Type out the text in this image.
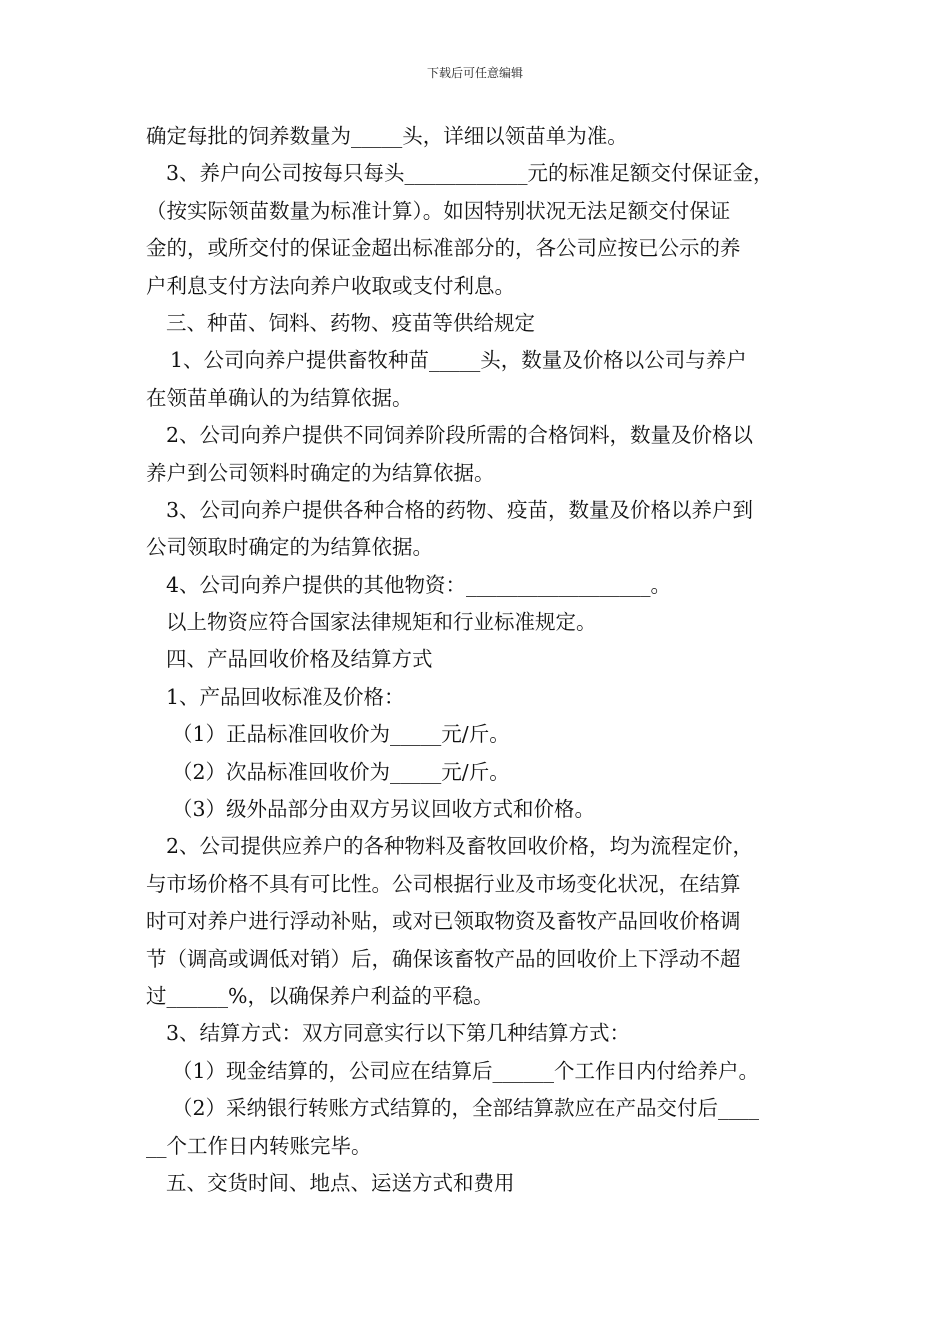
下载后可任意编辑
确定每批的饲养数量为_____头，详细以领苗单为准。
3、养户向公司按每只每头____________元的标准足额交付保证金，
（按实际领苗数量为标准计算）。如因特别状况无法足额交付保证
金的，或所交付的保证金超出标准部分的，各公司应按已公示的养
户利息支付方法向养户收取或支付利息。
三、种苗、饲料、药物、疫苗等供给规定
1、公司向养户提供畜牧种苗_____头，数量及价格以公司与养户
在领苗单确认的为结算依据。
2、公司向养户提供不同饲养阶段所需的合格饲料，数量及价格以
养户到公司领料时确定的为结算依据。
3、公司向养户提供各种合格的药物、疫苗，数量及价格以养户到
公司领取时确定的为结算依据。
4、公司向养户提供的其他物资：__________________。
以上物资应符合国家法律规矩和行业标准规定。
四、产品回收价格及结算方式
1、产品回收标准及价格：
（1）正品标准回收价为_____元/斤。
（2）次品标准回收价为_____元/斤。
（3）级外品部分由双方另议回收方式和价格。
2、公司提供应养户的各种物料及畜牧回收价格，均为流程定价，
与市场价格不具有可比性。公司根据行业及市场变化状况，在结算
时可对养户进行浮动补贴，或对已领取物资及畜牧产品回收价格调
节（调高或调低对销）后，确保该畜牧产品的回收价上下浮动不超
过______%，以确保养户利益的平稳。
3、结算方式：双方同意实行以下第几种结算方式：
（1）现金结算的，公司应在结算后______个工作日内付给养户。
（2）采纳银行转账方式结算的，全部结算款应在产品交付后____
__个工作日内转账完毕。
五、交货时间、地点、运送方式和费用
